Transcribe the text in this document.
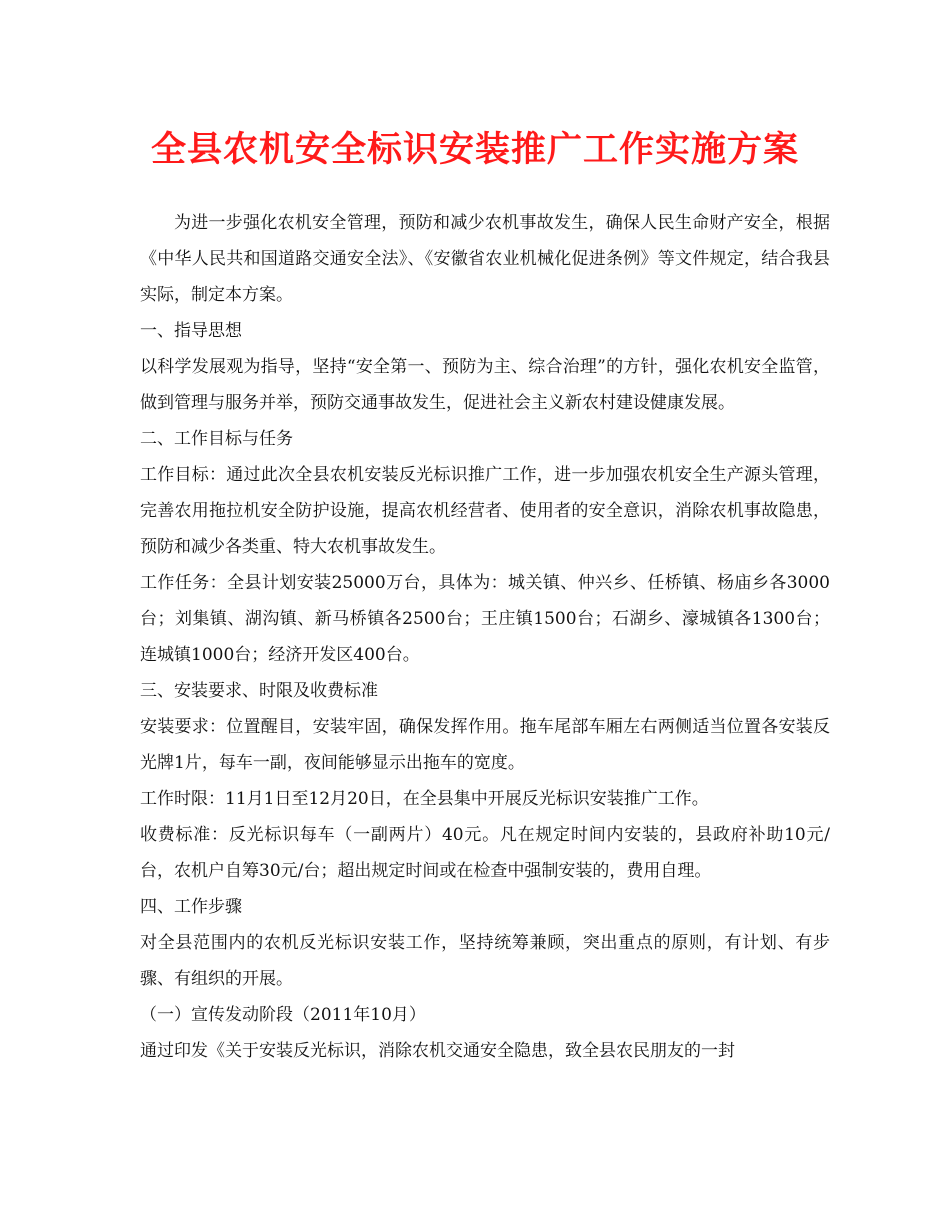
全县农机安全标识安装推广工作实施方案

为进一步强化农机安全管理，预防和减少农机事故发生，确保人民生命财产安全，根据《中华人民共和国道路交通安全法》、《安徽省农业机械化促进条例》等文件规定，结合我县实际，制定本方案。

一、指导思想

以科学发展观为指导，坚持“安全第一、预防为主、综合治理”的方针，强化农机安全监管，做到管理与服务并举，预防交通事故发生，促进社会主义新农村建设健康发展。

二、工作目标与任务

工作目标：通过此次全县农机安装反光标识推广工作，进一步加强农机安全生产源头管理，完善农用拖拉机安全防护设施，提高农机经营者、使用者的安全意识，消除农机事故隐患，预防和减少各类重、特大农机事故发生。

工作任务：全县计划安装25000万台，具体为：城关镇、仲兴乡、任桥镇、杨庙乡各3000台；刘集镇、湖沟镇、新马桥镇各2500台；王庄镇1500台；石湖乡、濠城镇各1300台；连城镇1000台；经济开发区400台。

三、安装要求、时限及收费标准

安装要求：位置醒目，安装牢固，确保发挥作用。拖车尾部车厢左右两侧适当位置各安装反光牌1片，每车一副，夜间能够显示出拖车的宽度。

工作时限：11月1日至12月20日，在全县集中开展反光标识安装推广工作。

收费标准：反光标识每车（一副两片）40元。凡在规定时间内安装的，县政府补助10元/台，农机户自筹30元/台；超出规定时间或在检查中强制安装的，费用自理。

四、工作步骤

对全县范围内的农机反光标识安装工作，坚持统筹兼顾，突出重点的原则，有计划、有步骤、有组织的开展。

（一）宣传发动阶段（2011年10月）

通过印发《关于安装反光标识，消除农机交通安全隐患，致全县农民朋友的一封
